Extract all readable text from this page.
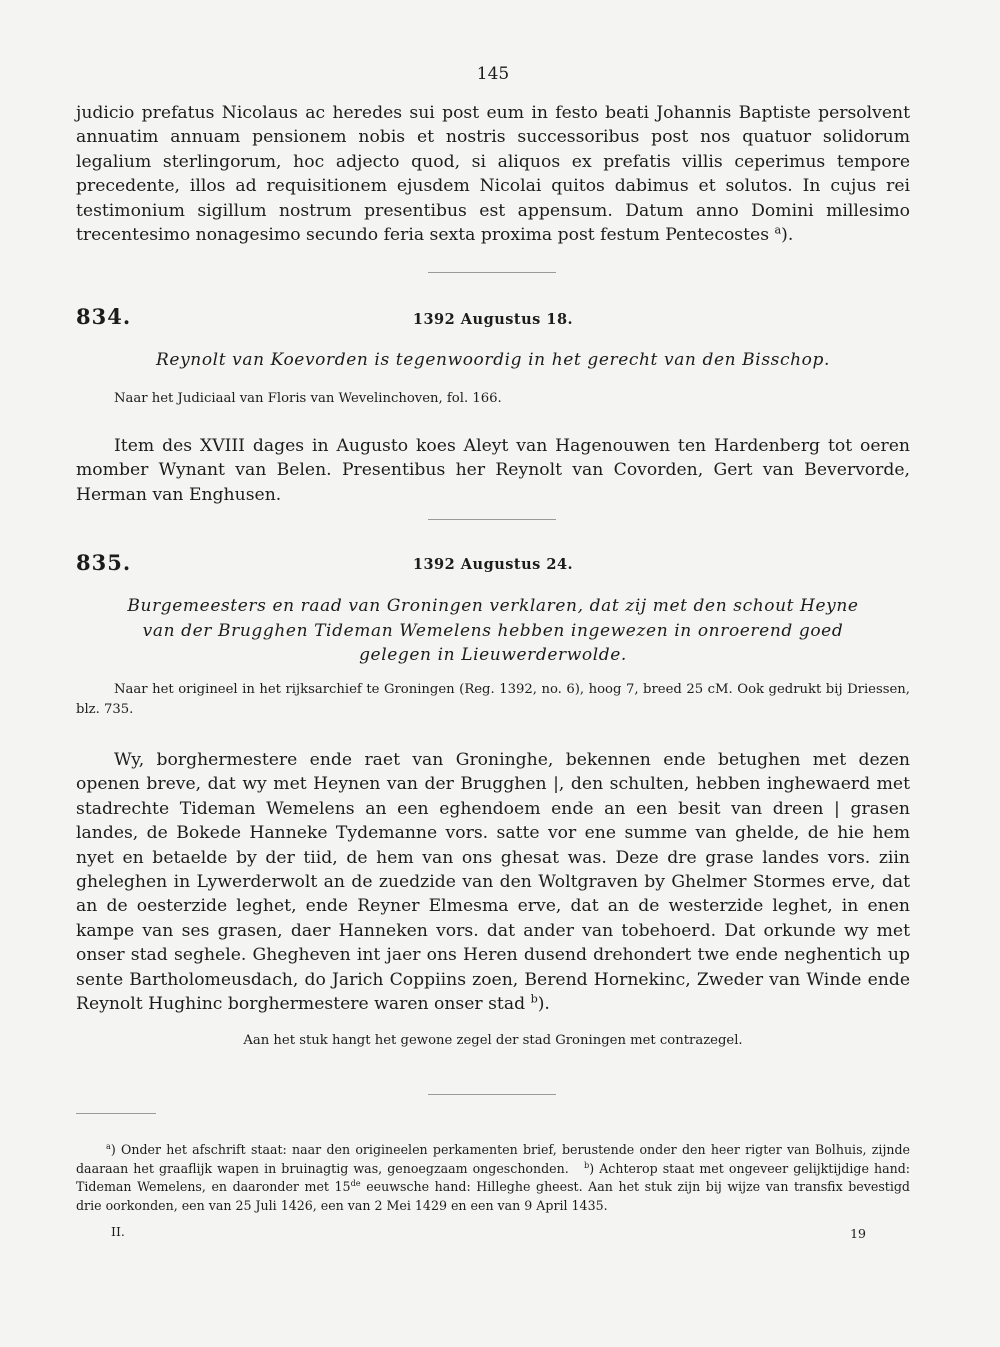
145

judicio prefatus Nicolaus ac heredes sui post eum in festo beati Johannis Baptiste persolvent annuatim annuam pensionem nobis et nostris successoribus post nos quatuor solidorum legalium sterlingorum, hoc adjecto quod, si aliquos ex prefatis villis ceperimus tempore precedente, illos ad requisitionem ejusdem Nicolai quitos dabimus et solutos. In cujus rei testimonium sigillum nostrum presentibus est appensum. Datum anno Domini millesimo trecentesimo nonagesimo secundo feria sexta proxima post festum Pentecostes $^a$).

834.	1392 Augustus 18.
Reynolt van Koevorden is tegenwoordig in het gerecht van den Bisschop.
Naar het Judiciaal van Floris van Wevelinchoven, fol. 166.

Item des XVIII dages in Augusto koes Aleyt van Hagenouwen ten Hardenberg tot oeren momber Wynant van Belen. Presentibus her Reynolt van Covorden, Gert van Bevervorde, Herman van Enghusen.

835.	1392 Augustus 24.
Burgemeesters en raad van Groningen verklaren, dat zij met den schout Heyne van der Brugghen Tideman Wemelens hebben ingewezen in onroerend goed gelegen in Lieuwerderwolde.
Naar het origineel in het rijksarchief te Groningen (Reg. 1392, no. 6), hoog 7, breed 25 cM. Ook gedrukt bij Driessen, blz. 735.

Wy, borghermestere ende raet van Groninghe, bekennen ende betughen met dezen openen breve, dat wy met Heynen van der Brugghen |, den schulten, hebben inghewaerd met stadrechte Tideman Wemelens an een eghendoem ende an een besit van dreen | grasen landes, de Bokede Hanneke Tydemanne vors. satte vor ene summe van ghelde, de hie hem nyet en betaelde by der tiid, de hem van ons ghesat was. Deze dre grase landes vors. ziin gheleghen in Lywerderwolt an de zuedzide van den Woltgraven by Ghelmer Stormes erve, dat an de oesterzide leghet, ende Reyner Elmesma erve, dat an de westerzide leghet, in enen kampe van ses grasen, daer Hanneken vors. dat ander van tobehoerd. Dat orkunde wy met onser stad seghele. Ghegheven int jaer ons Heren dusend drehondert twe ende neghentich up sente Bartholomeusdach, do Jarich Coppiins zoen, Berend Hornekinc, Zweder van Winde ende Reynolt Hughinc borghermestere waren onser stad $^b$).

Aan het stuk hangt het gewone zegel der stad Groningen met contrazegel.

$^a$) Onder het afschrift staat: naar den origineelen perkamenten brief, berustende onder den heer rigter van Bolhuis, zijnde daaraan het graaflijk wapen in bruinagtig was, genoegzaam ongeschonden. $^b$) Achterop staat met ongeveer gelijktijdige hand: Tideman Wemelens, en daaronder met 15de eeuwsche hand: Hilleghe gheest. Aan het stuk zijn bij wijze van transfix bevestigd drie oorkonden, een van 25 Juli 1426, een van 2 Mei 1429 en een van 9 April 1435.

II.	19
